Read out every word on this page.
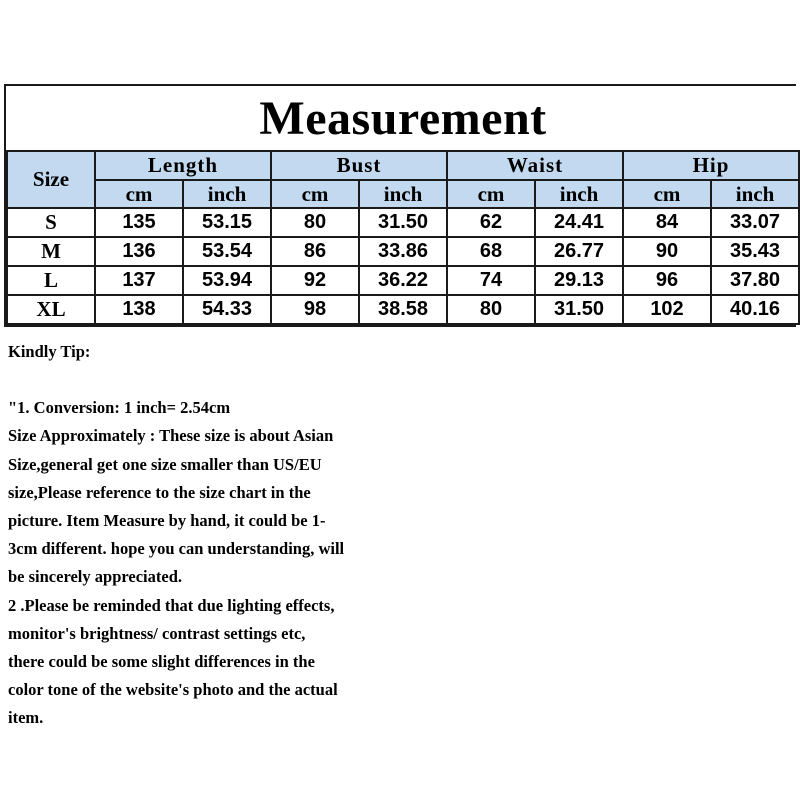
Measurement								
Size	Length		Bust		Waist		Hip	
	cm	inch	cm	inch	cm	inch	cm	inch
S	135	53.15	80	31.50	62	24.41	84	33.07
M	136	53.54	86	33.86	68	26.77	90	35.43
L	137	53.94	92	36.22	74	29.13	96	37.80
XL	138	54.33	98	38.58	80	31.50	102	40.16

Kindly Tip:

"1. Conversion: 1 inch= 2.54cm

Size Approximately : These size is about Asian

Size,general get one size smaller than US/EU

size,Please reference to the size chart in the

picture. Item Measure by hand, it could be 1-

3cm different. hope you can understanding, will

be sincerely appreciated.

2 .Please be reminded that due lighting effects,

monitor's brightness/ contrast settings etc,

there could be some slight differences in the

color tone of the website's photo and the actual

item.
